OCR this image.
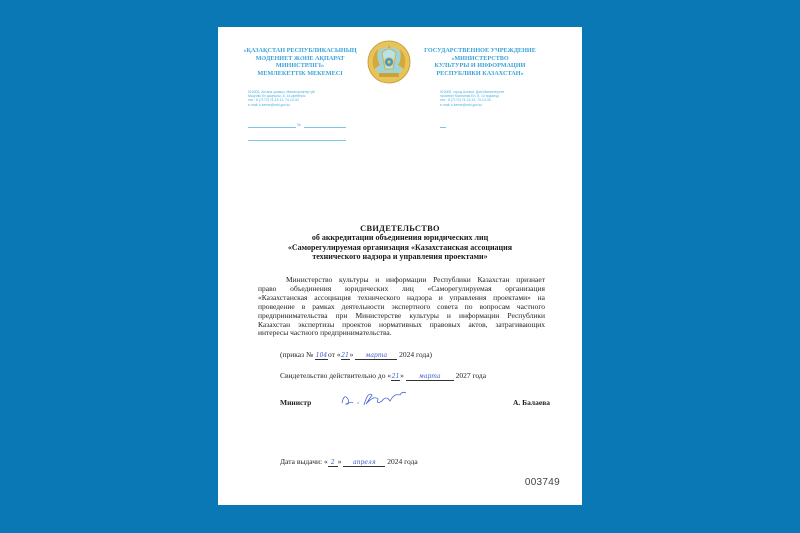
«ҚАЗАҚСТАН РЕСПУБЛИКАСЫНЫҢ
МӘДЕНИЕТ ЖӘНЕ АҚПАРАТ
МИНИСТРЛІГІ»
МЕМЛЕКЕТТІК МЕКЕМЕСІ
ГОСУДАРСТВЕННОЕ УЧРЕЖДЕНИЕ
«МИНИСТЕРСТВО
КУЛЬТУРЫ И ИНФОРМАЦИИ
РЕСПУБЛИКИ КАЗАХСТАН»
010000, Астана қаласы, Министрліктер үйі
Мәңгілік Ел даңғылы, 8, 14-кіреберіс
тел.: 8 (7172) 74-13-12, 74-13-33
e-mail: k.kense@mki.gov.kz
010000, город Астана, Дом Министерств
проспект Мангилик Ел, 8, 14 подъезд
тел.: 8 (7172) 74-13-12, 74-13-33
e-mail: k.kense@mki.gov.kz
№
СВИДЕТЕЛЬСТВО
об аккредитации объединения юридических лиц
«Саморегулируемая организация «Казахстанская ассоциация
технического надзора и управления проектами»
Министерство культуры и информации Республики Казахстан признает
право объединения юридических лиц «Саморегулируемая организация
«Казахстанская ассоциация технического надзора и управления проектами» на
проведение в рамках деятельности экспертного совета по вопросам частного
предпринимательства при Министерстве культуры и информации Республики
Казахстан экспертизы проектов нормативных правовых актов, затрагивающих
интересы частного предпринимательства.
(приказ № 104от «21» марта 2024 года)
Свидетельство действительно до «21»	марта 2027 года
Министр	А. Балаева
Дата выдачи: « 2 » апреля 2024 года
003749
